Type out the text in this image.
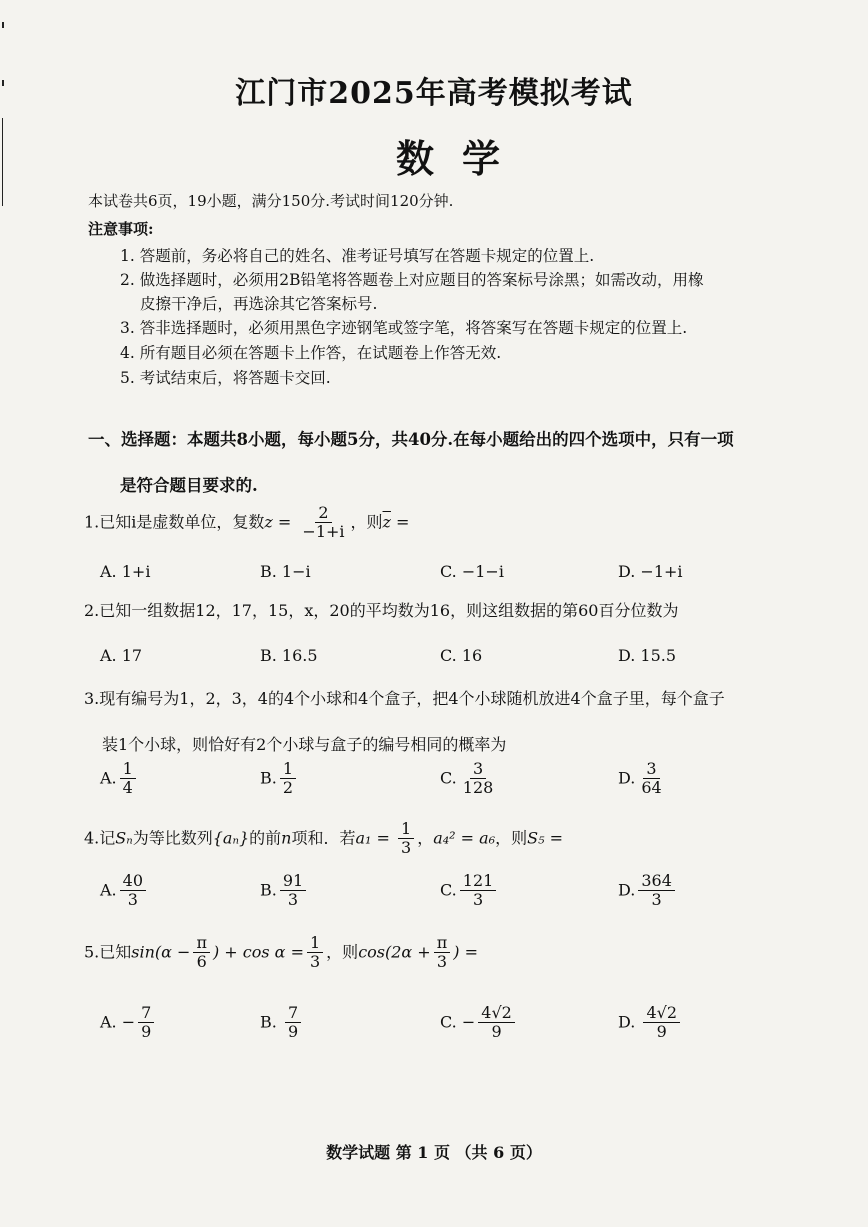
江门市2025年高考模拟考试
数学
本试卷共6页，19小题，满分150分.考试时间120分钟.
注意事项:
1. 答题前，务必将自己的姓名、准考证号填写在答题卡规定的位置上.
2. 做选择题时，必须用2B铅笔将答题卷上对应题目的答案标号涂黑；如需改动，用橡
皮擦干净后，再选涂其它答案标号.
3. 答非选择题时，必须用黑色字迹钢笔或签字笔，将答案写在答题卡规定的位置上.
4. 所有题目必须在答题卡上作答，在试题卷上作答无效.
5. 考试结束后，将答题卡交回.
一、选择题：本题共8小题，每小题5分，共40分.在每小题给出的四个选项中，只有一项
是符合题目要求的.
1.已知i是虚数单位，复数$z = \frac{2}{-1+i}$ ，则$\overline{z}$ =
A. 1+i	B. 1−i	C. −1−i	D. −1+i
2.已知一组数据12，17，15，x，20的平均数为16，则这组数据的第60百分位数为
A. 17	B. 16.5	C. 16	D. 15.5
3.现有编号为1，2，3，4的4个小球和4个盒子，把4个小球随机放进4个盒子里，每个盒子
装1个小球，则恰好有2个小球与盒子的编号相同的概率为
A. $\frac{1}{4}$	B. $\frac{1}{2}$	C. $\frac{3}{128}$	D. $\frac{3}{64}$
4.记Sₙ为等比数列{aₙ}的前n项和．若$a_1 = \frac{1}{3}$ ，a₄² = a₆，则S₅ =
A. $\frac{40}{3}$	B. $\frac{91}{3}$	C. $\frac{121}{3}$	D. $\frac{364}{3}$
5.已知$\sin(\alpha - \frac{\pi}{6}$ ) + $\cos \alpha = \frac{1}{3}$ ，则$\cos(2\alpha + \frac{\pi}{3}$ ) =
A. − $\frac{7}{9}$	B. $\frac{7}{9}$	C. − $\frac{4√2}{9}$	D. $\frac{4√2}{9}$
数学试题 第 1 页 （共 6 页）
